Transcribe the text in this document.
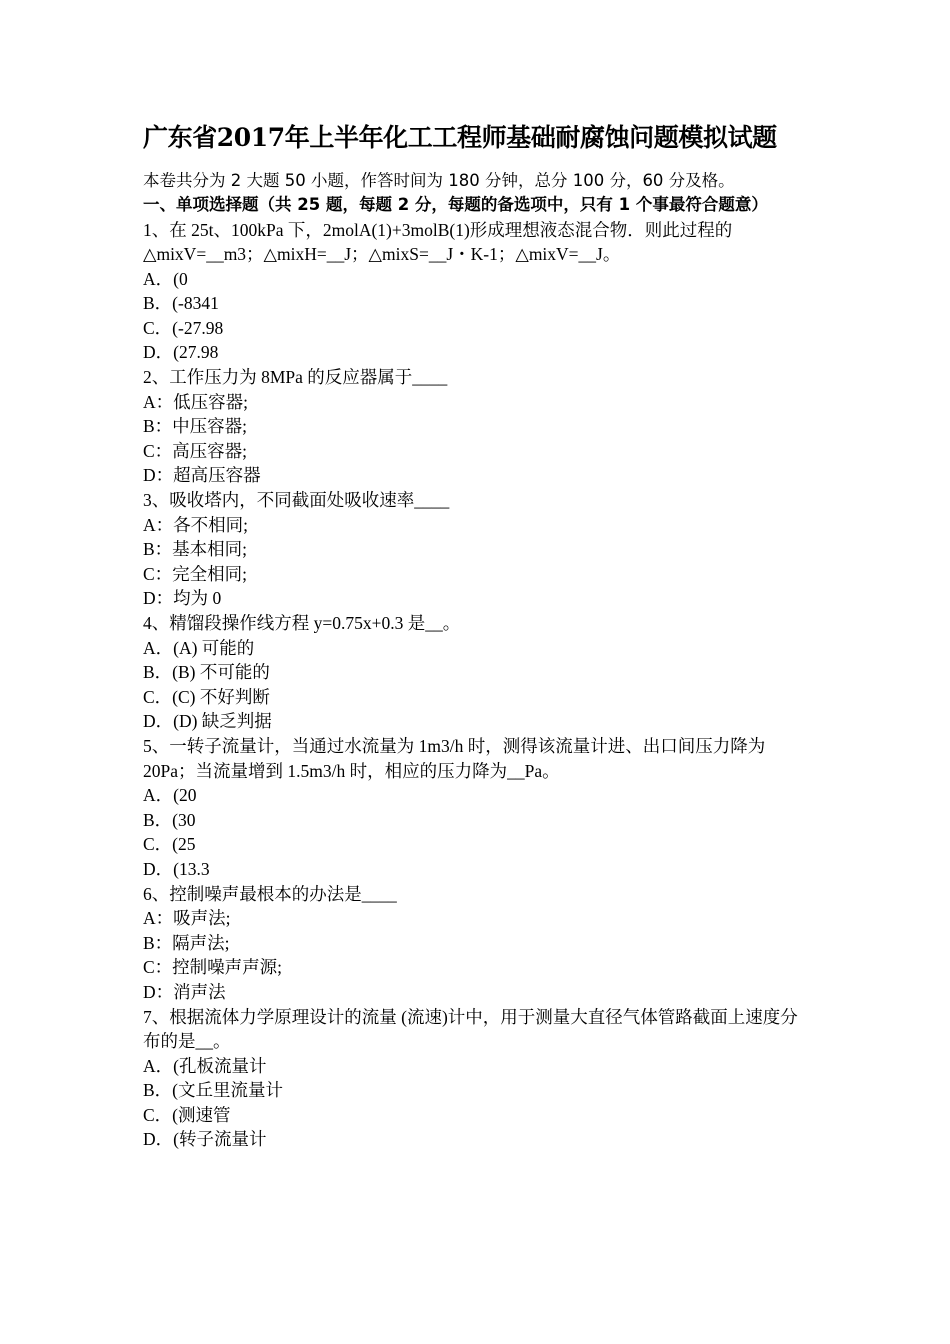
广东省2017年上半年化工工程师基础耐腐蚀问题模拟试题
本卷共分为 2 大题 50 小题，作答时间为 180 分钟，总分 100 分，60 分及格。
一、单项选择题（共 25 题，每题 2 分，每题的备选项中，只有 1 个事最符合题意）
1、在 25t、100kPa 下，2molA(1)+3molB(1)形成理想液态混合物．则此过程的△mixV=__m3；△mixH=__J；△mixS=__J・K-1；△mixV=__J。
A．(0
B．(-8341
C．(-27.98
D．(27.98
2、工作压力为 8MPa 的反应器属于____
A：低压容器;
B：中压容器;
C：高压容器;
D：超高压容器
3、吸收塔内，不同截面处吸收速率____
A：各不相同;
B：基本相同;
C：完全相同;
D：均为 0
4、精馏段操作线方程 y=0.75x+0.3 是__。
A．(A) 可能的
B．(B) 不可能的
C．(C) 不好判断
D．(D) 缺乏判据
5、一转子流量计，当通过水流量为 1m3/h 时，测得该流量计进、出口间压力降为 20Pa；当流量增到 1.5m3/h 时，相应的压力降为__Pa。
A．(20
B．(30
C．(25
D．(13.3
6、控制噪声最根本的办法是____
A：吸声法;
B：隔声法;
C：控制噪声声源;
D：消声法
7、根据流体力学原理设计的流量 (流速)计中，用于测量大直径气体管路截面上速度分布的是__。
A．(孔板流量计
B．(文丘里流量计
C．(测速管
D．(转子流量计
